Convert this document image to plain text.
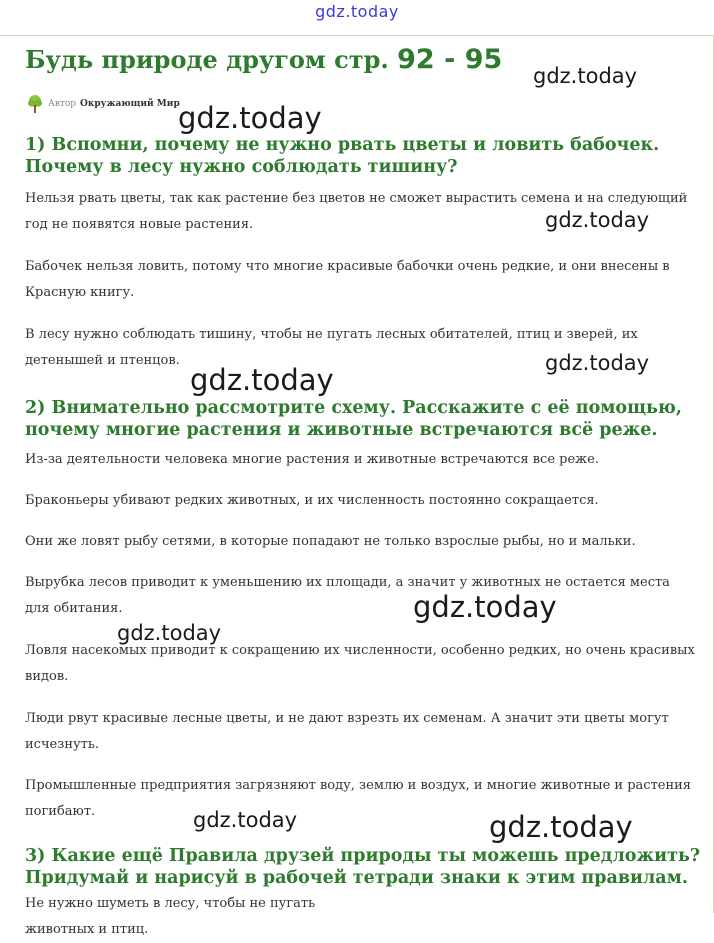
gdz.today
Будь природе другом стр. 92 - 95
Автор Окружающий Мир
1) Вспомни, почему не нужно рвать цветы и ловить бабочек.
Почему в лесу нужно соблюдать тишину?

Нельзя рвать цветы, так как растение без цветов не сможет вырастить семена и на следующий год не появятся новые растения.

Бабочек нельзя ловить, потому что многие красивые бабочки очень редкие, и они внесены в Красную книгу.

В лесу нужно соблюдать тишину, чтобы не пугать лесных обитателей, птиц и зверей, их детенышей и птенцов.

2) Внимательно рассмотрите схему. Расскажите с её помощью,
почему многие растения и животные встречаются всё реже.

Из-за деятельности человека многие растения и животные встречаются все реже.

Браконьеры убивают редких животных, и их численность постоянно сокращается.

Они же ловят рыбу сетями, в которые попадают не только взрослые рыбы, но и мальки.

Вырубка лесов приводит к уменьшению их площади, а значит у животных не остается места для обитания.

Ловля насекомых приводит к сокращению их численности, особенно редких, но очень красивых видов.

Люди рвут красивые лесные цветы, и не дают взрезть их семенам. А значит эти цветы могут исчезнуть.

Промышленные предприятия загрязняют воду, землю и воздух, и многие животные и растения погибают.

3) Какие ещё Правила друзей природы ты можешь предложить?
Придумай и нарисуй в рабочей тетради знаки к этим правилам.
Не нужно шуметь в лесу, чтобы не пугать животных и птиц.
gdz.today
gdz.today
gdz.today
gdz.today
gdz.today
gdz.today
gdz.today
gdz.today	gdz.today
